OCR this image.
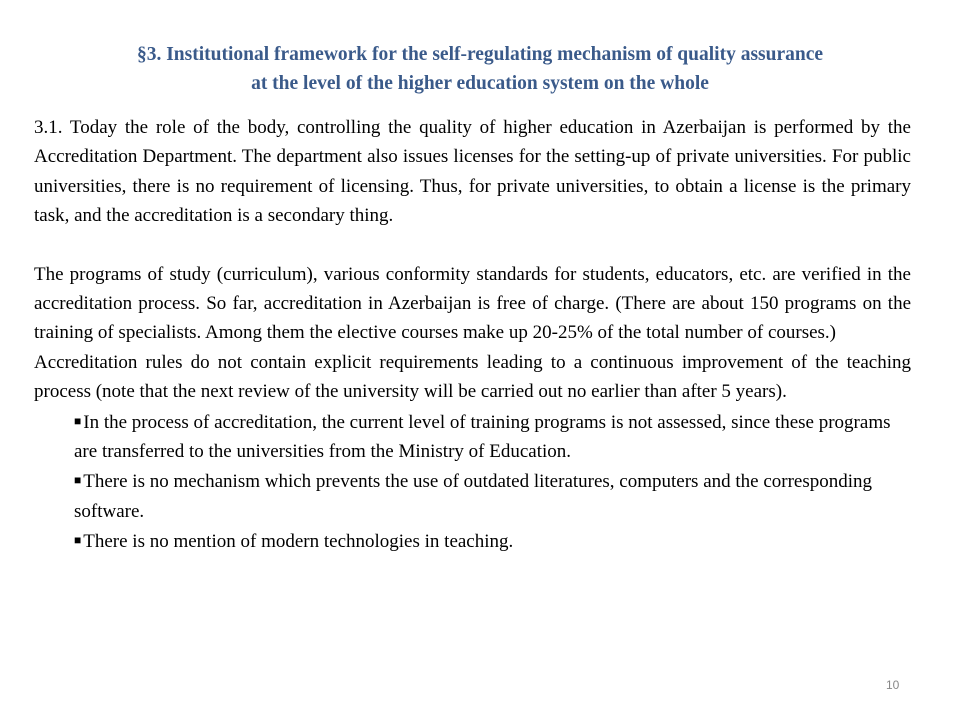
§3. Institutional framework for the self-regulating mechanism of quality assurance
at the level of the higher education system on the whole

3.1. Today the role of the body, controlling the quality of higher education in Azerbaijan is performed by the Accreditation Department. The department also issues licenses for the setting-up of private universities. For public universities, there is no requirement of licensing. Thus, for private universities, to obtain a license is the primary task, and the accreditation is a secondary thing.

The programs of study (curriculum), various conformity standards for students, educators, etc. are verified in the accreditation process. So far, accreditation in Azerbaijan is free of charge. (There are about 150 programs on the training of specialists. Among them the elective courses make up 20-25% of the total number of courses.)

Accreditation rules do not contain explicit requirements leading to a continuous improvement of the teaching process (note that the next review of the university will be carried out no earlier than after 5 years).

■ In the process of accreditation, the current level of training programs is not assessed, since these programs are transferred to the universities from the Ministry of Education.

■ There is no mechanism which prevents the use of outdated literatures, computers and the corresponding software.

■ There is no mention of modern technologies in teaching.

10
